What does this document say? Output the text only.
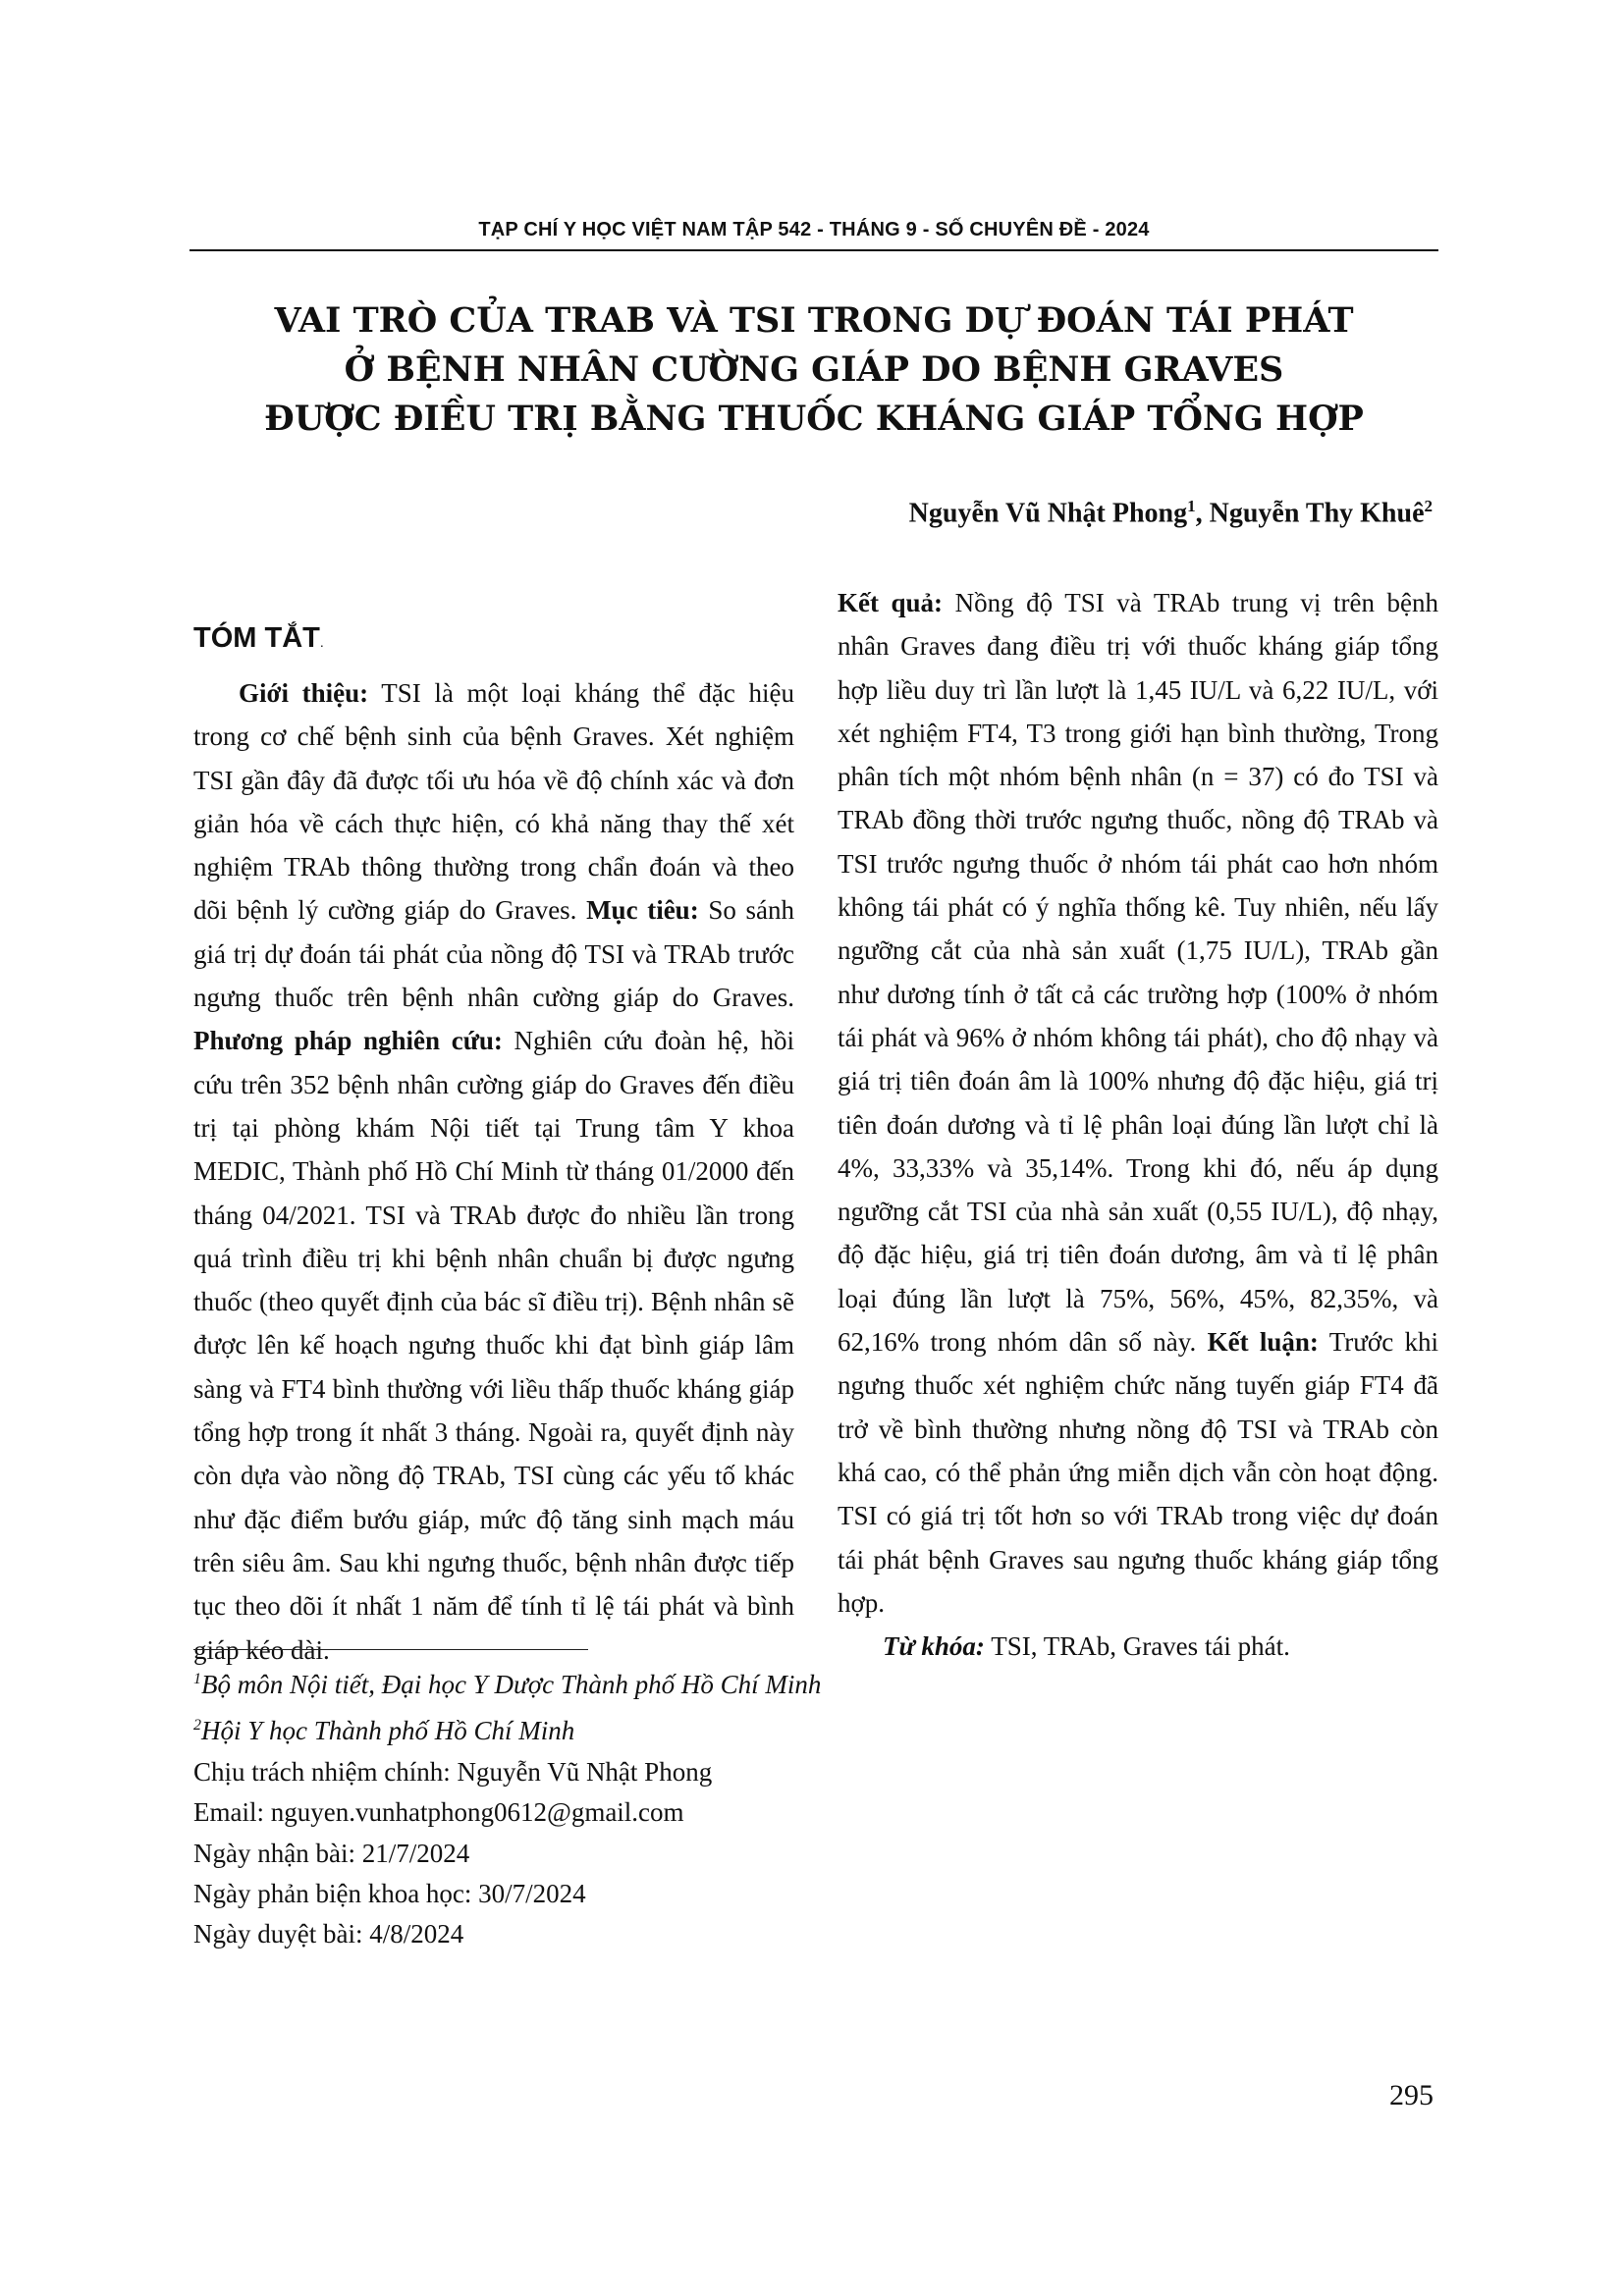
TẠP CHÍ Y HỌC VIỆT NAM TẬP 542 - THÁNG 9 - SỐ CHUYÊN ĐỀ - 2024
VAI TRÒ CỦA TRAB VÀ TSI TRONG DỰ ĐOÁN TÁI PHÁT
Ở BỆNH NHÂN CƯỜNG GIÁP DO BỆNH GRAVES
ĐƯỢC ĐIỀU TRỊ BẰNG THUỐC KHÁNG GIÁP TỔNG HỢP
Nguyễn Vũ Nhật Phong$^1$, Nguyễn Thy Khuê$^2$
TÓM TẮT.

Giới thiệu: TSI là một loại kháng thể đặc hiệu trong cơ chế bệnh sinh của bệnh Graves. Xét nghiệm TSI gần đây đã được tối ưu hóa về độ chính xác và đơn giản hóa về cách thực hiện, có khả năng thay thế xét nghiệm TRAb thông thường trong chẩn đoán và theo dõi bệnh lý cường giáp do Graves. Mục tiêu: So sánh giá trị dự đoán tái phát của nồng độ TSI và TRAb trước ngưng thuốc trên bệnh nhân cường giáp do Graves. Phương pháp nghiên cứu: Nghiên cứu đoàn hệ, hồi cứu trên 352 bệnh nhân cường giáp do Graves đến điều trị tại phòng khám Nội tiết tại Trung tâm Y khoa MEDIC, Thành phố Hồ Chí Minh từ tháng 01/2000 đến tháng 04/2021. TSI và TRAb được đo nhiều lần trong quá trình điều trị khi bệnh nhân chuẩn bị được ngưng thuốc (theo quyết định của bác sĩ điều trị). Bệnh nhân sẽ được lên kế hoạch ngưng thuốc khi đạt bình giáp lâm sàng và FT4 bình thường với liều thấp thuốc kháng giáp tổng hợp trong ít nhất 3 tháng. Ngoài ra, quyết định này còn dựa vào nồng độ TRAb, TSI cùng các yếu tố khác như đặc điểm bướu giáp, mức độ tăng sinh mạch máu trên siêu âm. Sau khi ngưng thuốc, bệnh nhân được tiếp tục theo dõi ít nhất 1 năm để tính tỉ lệ tái phát và bình giáp kéo dài.

$^1$Bộ môn Nội tiết, Đại học Y Dược Thành phố Hồ Chí Minh

$^2$Hội Y học Thành phố Hồ Chí Minh

Chịu trách nhiệm chính: Nguyễn Vũ Nhật Phong

Email: nguyen.vunhatphong0612@gmail.com

Ngày nhận bài: 21/7/2024

Ngày phản biện khoa học: 30/7/2024

Ngày duyệt bài: 4/8/2024

Kết quả: Nồng độ TSI và TRAb trung vị trên bệnh nhân Graves đang điều trị với thuốc kháng giáp tổng hợp liều duy trì lần lượt là 1,45 IU/L và 6,22 IU/L, với xét nghiệm FT4, T3 trong giới hạn bình thường, Trong phân tích một nhóm bệnh nhân (n = 37) có đo TSI và TRAb đồng thời trước ngưng thuốc, nồng độ TRAb và TSI trước ngưng thuốc ở nhóm tái phát cao hơn nhóm không tái phát có ý nghĩa thống kê. Tuy nhiên, nếu lấy ngưỡng cắt của nhà sản xuất (1,75 IU/L), TRAb gần như dương tính ở tất cả các trường hợp (100% ở nhóm tái phát và 96% ở nhóm không tái phát), cho độ nhạy và giá trị tiên đoán âm là 100% nhưng độ đặc hiệu, giá trị tiên đoán dương và tỉ lệ phân loại đúng lần lượt chỉ là 4%, 33,33% và 35,14%. Trong khi đó, nếu áp dụng ngưỡng cắt TSI của nhà sản xuất (0,55 IU/L), độ nhạy, độ đặc hiệu, giá trị tiên đoán dương, âm và tỉ lệ phân loại đúng lần lượt là 75%, 56%, 45%, 82,35%, và 62,16% trong nhóm dân số này. Kết luận: Trước khi ngưng thuốc xét nghiệm chức năng tuyến giáp FT4 đã trở về bình thường nhưng nồng độ TSI và TRAb còn khá cao, có thể phản ứng miễn dịch vẫn còn hoạt động. TSI có giá trị tốt hơn so với TRAb trong việc dự đoán tái phát bệnh Graves sau ngưng thuốc kháng giáp tổng hợp.

Từ khóa: TSI, TRAb, Graves tái phát.

295
